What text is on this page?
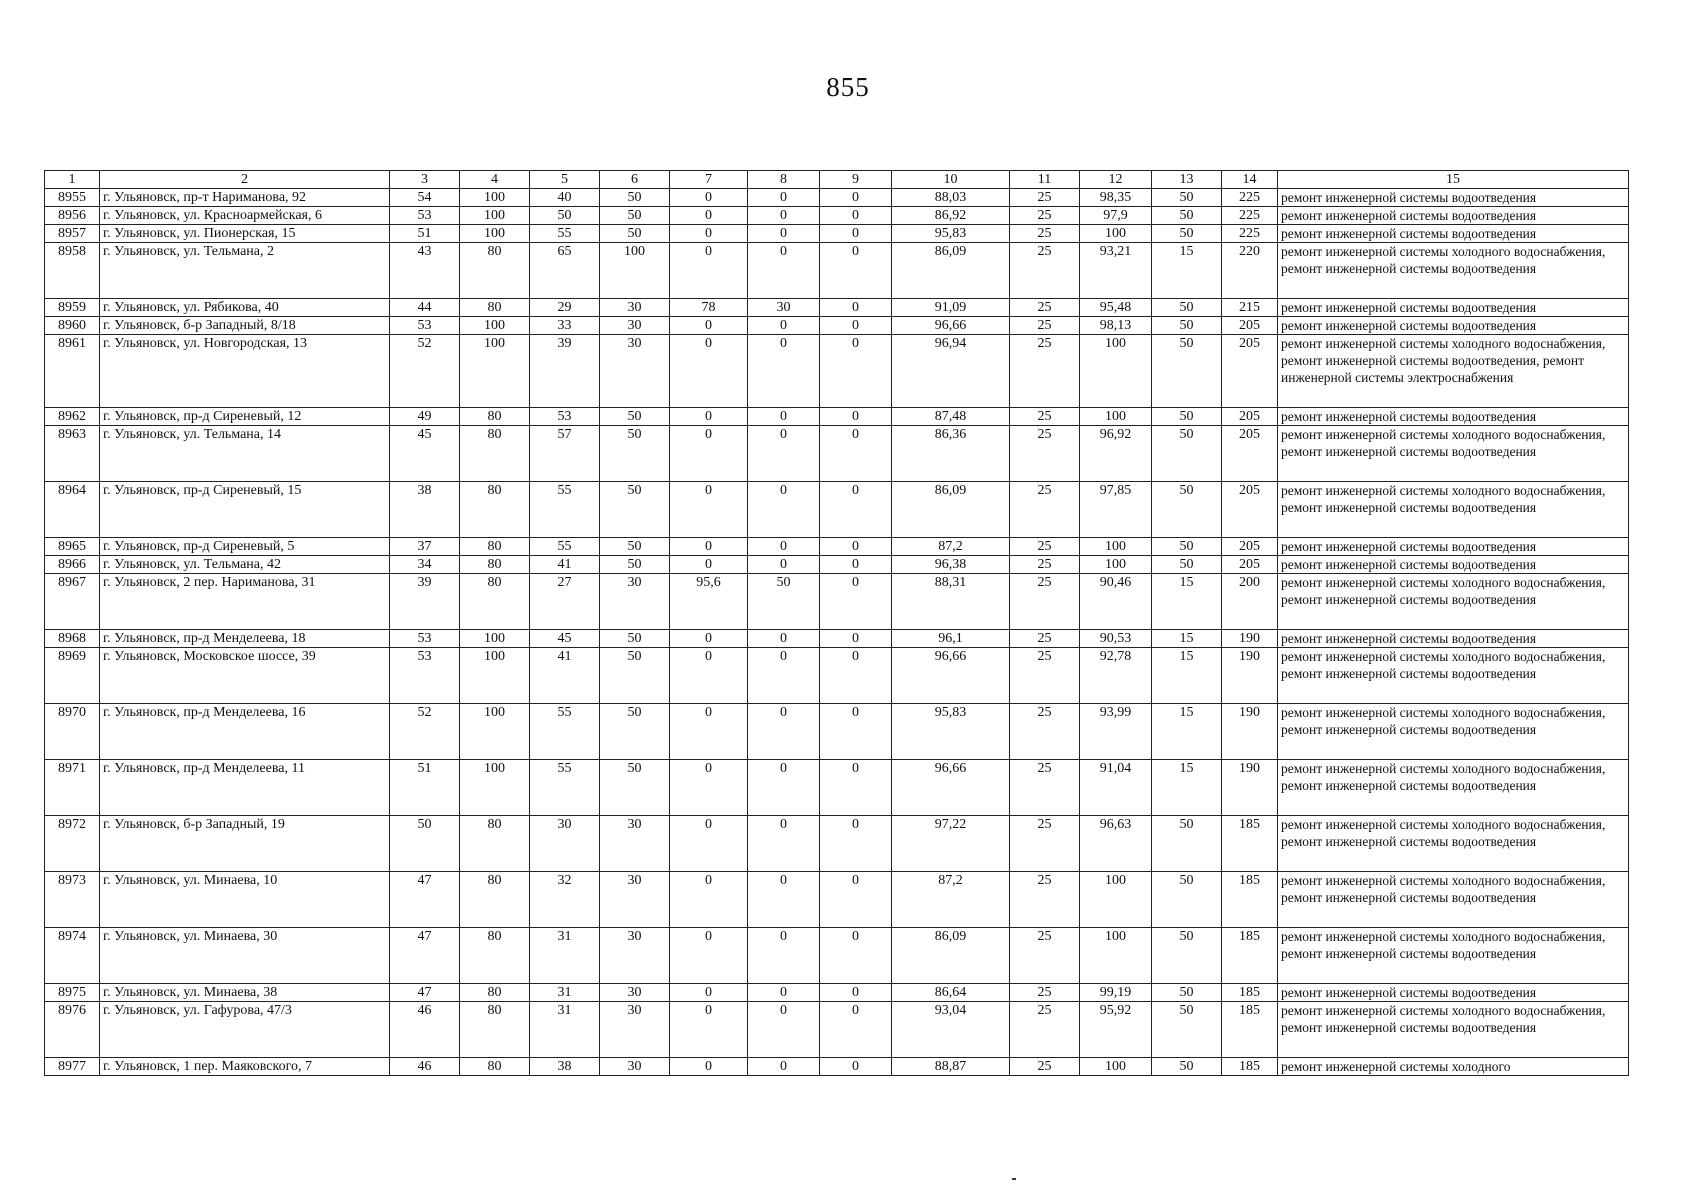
855
1	2	3	4	5	6	7	8	9	10	11	12	13	14	15
8955	г. Ульяновск, пр-т Нариманова, 92	54	100	40	50	0	0	0	88,03	25	98,35	50	225	ремонт инженерной системы водоотведения
8956	г. Ульяновск, ул. Красноармейская, 6	53	100	50	50	0	0	0	86,92	25	97,9	50	225	ремонт инженерной системы водоотведения
8957	г. Ульяновск, ул. Пионерская, 15	51	100	55	50	0	0	0	95,83	25	100	50	225	ремонт инженерной системы водоотведения
8958	г. Ульяновск, ул. Тельмана, 2	43	80	65	100	0	0	0	86,09	25	93,21	15	220	ремонт инженерной системы холодного водоснабжения, ремонт инженерной системы водоотведения
8959	г. Ульяновск, ул. Рябикова, 40	44	80	29	30	78	30	0	91,09	25	95,48	50	215	ремонт инженерной системы водоотведения
8960	г. Ульяновск, б-р Западный, 8/18	53	100	33	30	0	0	0	96,66	25	98,13	50	205	ремонт инженерной системы водоотведения
8961	г. Ульяновск, ул. Новгородская, 13	52	100	39	30	0	0	0	96,94	25	100	50	205	ремонт инженерной системы холодного водоснабжения, ремонт инженерной системы водоотведения, ремонт инженерной системы электроснабжения
8962	г. Ульяновск, пр-д Сиреневый, 12	49	80	53	50	0	0	0	87,48	25	100	50	205	ремонт инженерной системы водоотведения
8963	г. Ульяновск, ул. Тельмана, 14	45	80	57	50	0	0	0	86,36	25	96,92	50	205	ремонт инженерной системы холодного водоснабжения, ремонт инженерной системы водоотведения
8964	г. Ульяновск, пр-д Сиреневый, 15	38	80	55	50	0	0	0	86,09	25	97,85	50	205	ремонт инженерной системы холодного водоснабжения, ремонт инженерной системы водоотведения
8965	г. Ульяновск, пр-д Сиреневый, 5	37	80	55	50	0	0	0	87,2	25	100	50	205	ремонт инженерной системы водоотведения
8966	г. Ульяновск, ул. Тельмана, 42	34	80	41	50	0	0	0	96,38	25	100	50	205	ремонт инженерной системы водоотведения
8967	г. Ульяновск, 2 пер. Нариманова, 31	39	80	27	30	95,6	50	0	88,31	25	90,46	15	200	ремонт инженерной системы холодного водоснабжения, ремонт инженерной системы водоотведения
8968	г. Ульяновск, пр-д Менделеева, 18	53	100	45	50	0	0	0	96,1	25	90,53	15	190	ремонт инженерной системы водоотведения
8969	г. Ульяновск, Московское шоссе, 39	53	100	41	50	0	0	0	96,66	25	92,78	15	190	ремонт инженерной системы холодного водоснабжения, ремонт инженерной системы водоотведения
8970	г. Ульяновск, пр-д Менделеева, 16	52	100	55	50	0	0	0	95,83	25	93,99	15	190	ремонт инженерной системы холодного водоснабжения, ремонт инженерной системы водоотведения
8971	г. Ульяновск, пр-д Менделеева, 11	51	100	55	50	0	0	0	96,66	25	91,04	15	190	ремонт инженерной системы холодного водоснабжения, ремонт инженерной системы водоотведения
8972	г. Ульяновск, б-р Западный, 19	50	80	30	30	0	0	0	97,22	25	96,63	50	185	ремонт инженерной системы холодного водоснабжения, ремонт инженерной системы водоотведения
8973	г. Ульяновск, ул. Минаева, 10	47	80	32	30	0	0	0	87,2	25	100	50	185	ремонт инженерной системы холодного водоснабжения, ремонт инженерной системы водоотведения
8974	г. Ульяновск, ул. Минаева, 30	47	80	31	30	0	0	0	86,09	25	100	50	185	ремонт инженерной системы холодного водоснабжения, ремонт инженерной системы водоотведения
8975	г. Ульяновск, ул. Минаева, 38	47	80	31	30	0	0	0	86,64	25	99,19	50	185	ремонт инженерной системы водоотведения
8976	г. Ульяновск, ул. Гафурова, 47/3	46	80	31	30	0	0	0	93,04	25	95,92	50	185	ремонт инженерной системы холодного водоснабжения, ремонт инженерной системы водоотведения
8977	г. Ульяновск, 1 пер. Маяковского, 7	46	80	38	30	0	0	0	88,87	25	100	50	185	ремонт инженерной системы холодного
